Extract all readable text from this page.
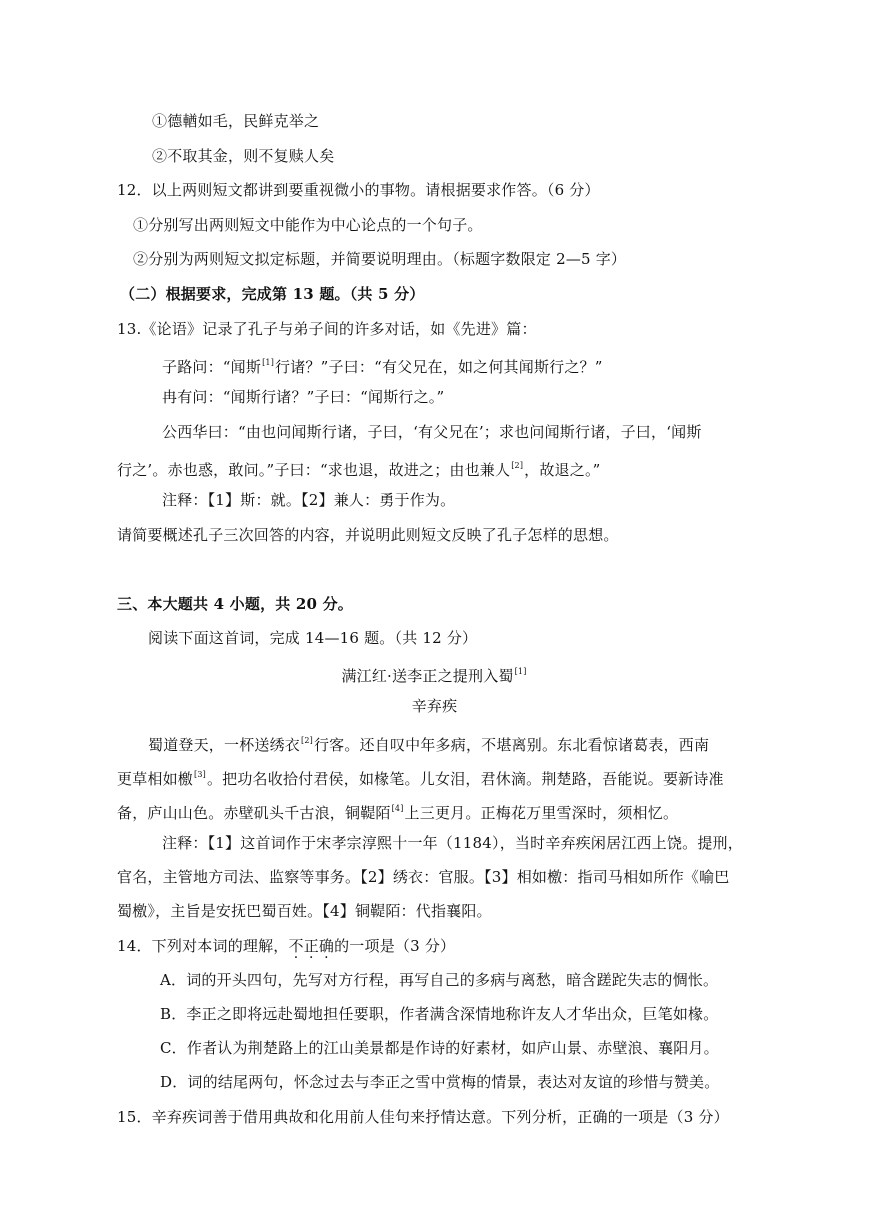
①德輶如毛，民鲜克举之
②不取其金，则不复赎人矣
12．以上两则短文都讲到要重视微小的事物。请根据要求作答。（6 分）
①分别写出两则短文中能作为中心论点的一个句子。
②分别为两则短文拟定标题，并简要说明理由。（标题字数限定 2—5 字）
（二）根据要求，完成第 13 题。（共 5 分）
13.《论语》记录了孔子与弟子间的许多对话，如《先进》篇：
子路问：“闻斯[1]行诸？”子曰：“有父兄在，如之何其闻斯行之？”
冉有问：“闻斯行诸？”子曰：“闻斯行之。”
公西华曰：“由也问闻斯行诸，子曰，‘有父兄在’；求也问闻斯行诸，子曰，‘闻斯
行之’。赤也惑，敢问。”子曰：“求也退，故进之；由也兼人[2]，故退之。”
注释：【1】斯：就。【2】兼人：勇于作为。
请简要概述孔子三次回答的内容，并说明此则短文反映了孔子怎样的思想。
三、本大题共 4 小题，共 20 分。
阅读下面这首词，完成 14—16 题。（共 12 分）
满江红·送李正之提刑入蜀[1]
辛弃疾
蜀道登天，一杯送绣衣[2]行客。还自叹中年多病，不堪离别。东北看惊诸葛表，西南
更草相如檄[3]。把功名收拾付君侯，如椽笔。儿女泪，君休滴。荆楚路，吾能说。要新诗准
备，庐山山色。赤壁矶头千古浪，铜鞮陌[4]上三更月。正梅花万里雪深时，须相忆。
注释：【1】这首词作于宋孝宗淳熙十一年（1184），当时辛弃疾闲居江西上饶。提刑，
官名，主管地方司法、监察等事务。【2】绣衣：官服。【3】相如檄：指司马相如所作《喻巴
蜀檄》，主旨是安抚巴蜀百姓。【4】铜鞮陌：代指襄阳。
14．下列对本词的理解，不正确的一项是（3 分）
A．词的开头四句，先写对方行程，再写自己的多病与离愁，暗含蹉跎失志的惆怅。
B．李正之即将远赴蜀地担任要职，作者满含深情地称许友人才华出众，巨笔如椽。
C．作者认为荆楚路上的江山美景都是作诗的好素材，如庐山景、赤壁浪、襄阳月。
D．词的结尾两句，怀念过去与李正之雪中赏梅的情景，表达对友谊的珍惜与赞美。
15．辛弃疾词善于借用典故和化用前人佳句来抒情达意。下列分析，正确的一项是（3 分）
